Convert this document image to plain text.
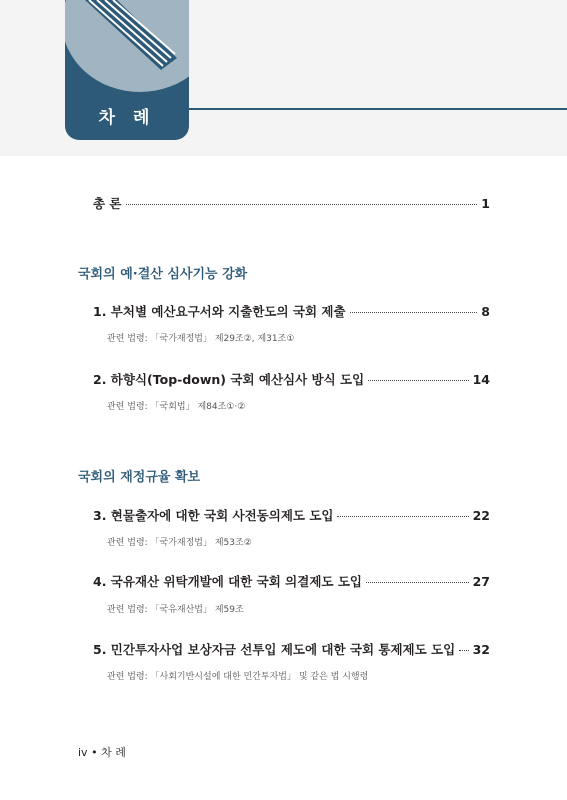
차 례
총 론	1
국회의 예·결산 심사기능 강화
1. 부처별 예산요구서와 지출한도의 국회 제출	8
관련 법령: 「국가재정법」 제29조②, 제31조①
2. 하향식(Top-down) 국회 예산심사 방식 도입	14
관련 법령: 「국회법」 제84조①·②
국회의 재정규율 확보
3. 현물출자에 대한 국회 사전동의제도 도입	22
관련 법령: 「국가재정법」 제53조②
4. 국유재산 위탁개발에 대한 국회 의결제도 도입	27
관련 법령: 「국유재산법」 제59조
5. 민간투자사업 보상자금 선투입 제도에 대한 국회 통제제도 도입 32
관련 법령: 「사회기반시설에 대한 민간투자법」 및 같은 법 시행령
iv • 차 례
